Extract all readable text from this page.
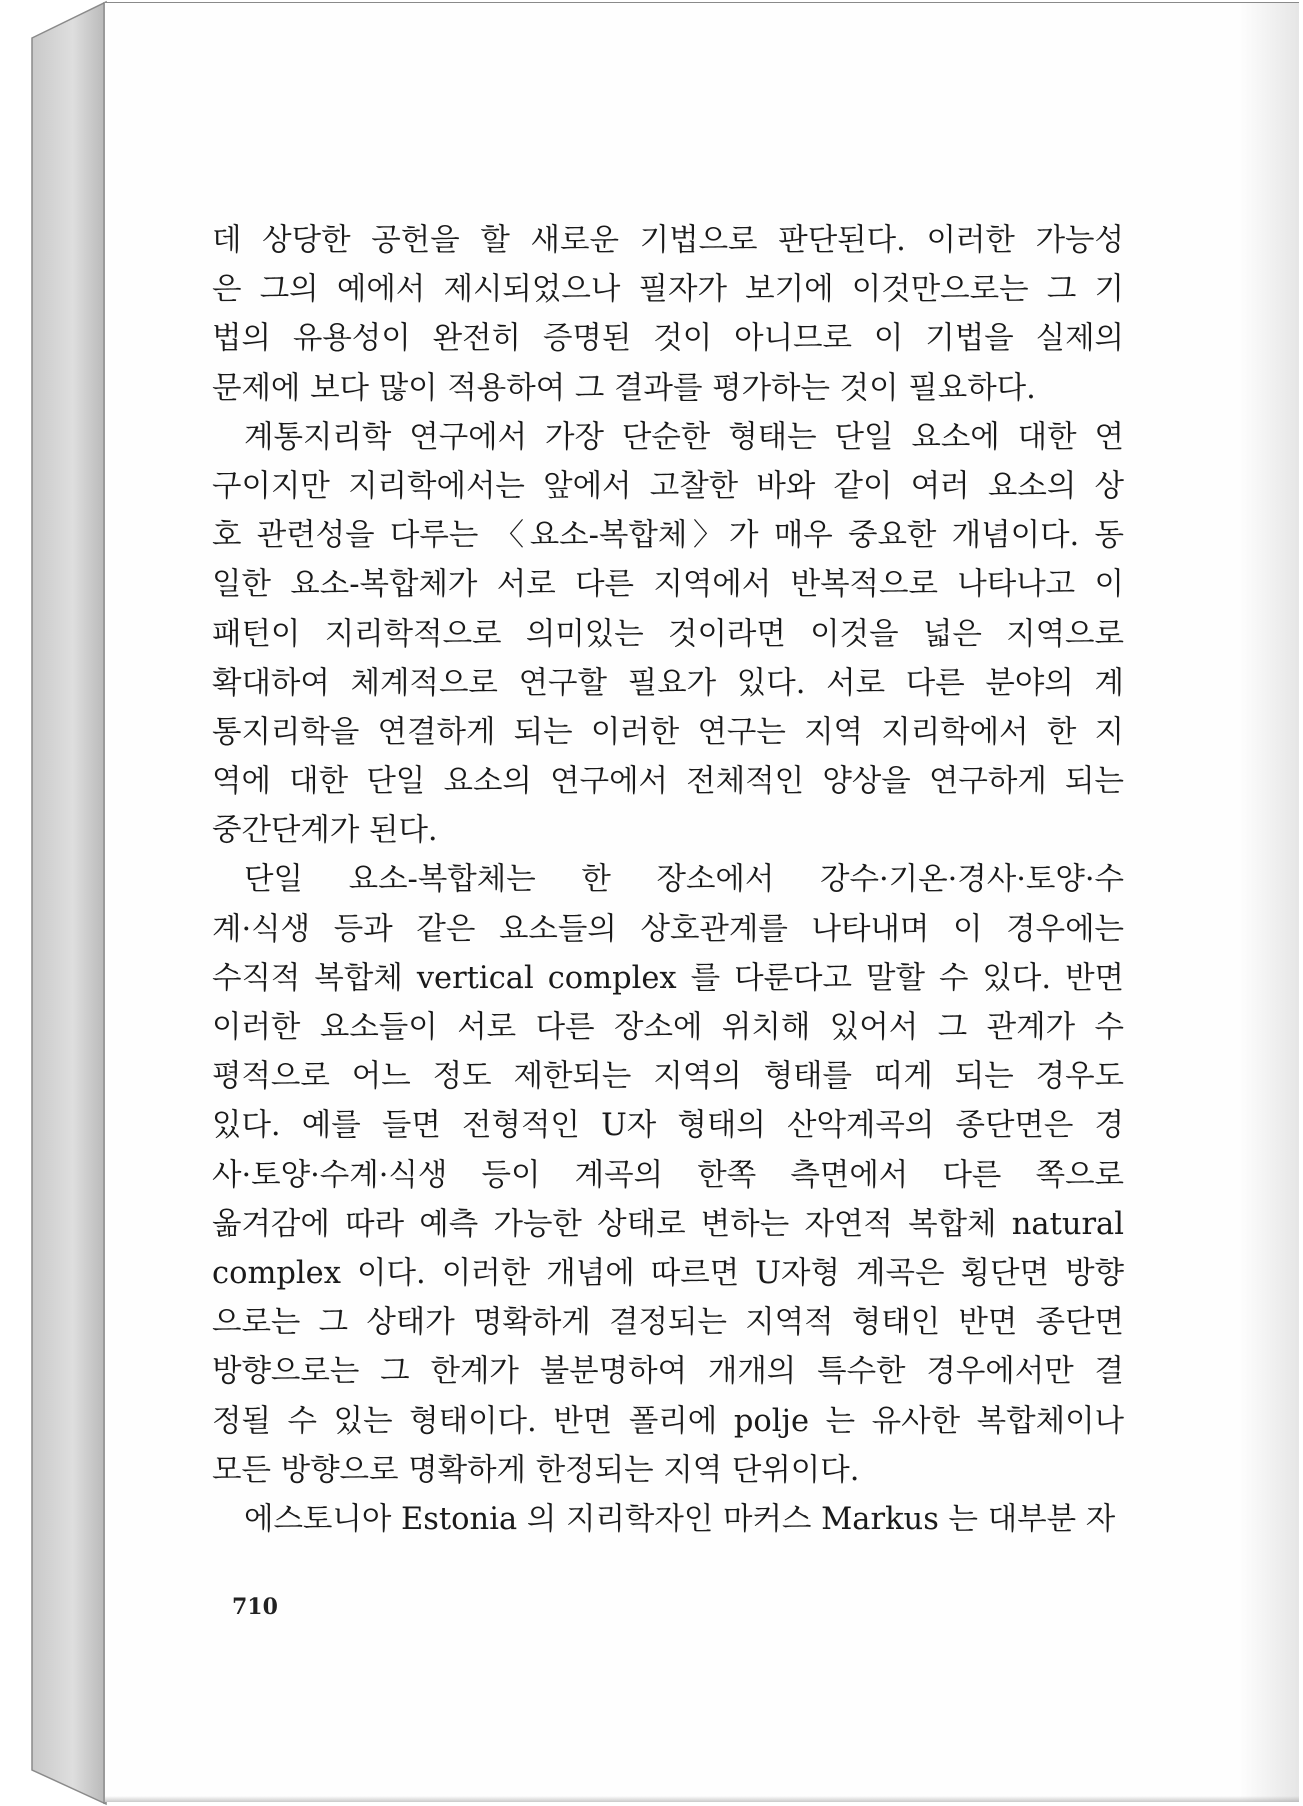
데 상당한 공헌을 할 새로운 기법으로 판단된다. 이러한 가능성
은 그의 예에서 제시되었으나 필자가 보기에 이것만으로는 그 기
법의 유용성이 완전히 증명된 것이 아니므로 이 기법을 실제의
문제에 보다 많이 적용하여 그 결과를 평가하는 것이 필요하다.
계통지리학 연구에서 가장 단순한 형태는 단일 요소에 대한 연
구이지만 지리학에서는 앞에서 고찰한 바와 같이 여러 요소의 상
호 관련성을 다루는 〈요소-복합체〉가 매우 중요한 개념이다. 동
일한 요소-복합체가 서로 다른 지역에서 반복적으로 나타나고 이
패턴이 지리학적으로 의미있는 것이라면 이것을 넓은 지역으로
확대하여 체계적으로 연구할 필요가 있다. 서로 다른 분야의 계
통지리학을 연결하게 되는 이러한 연구는 지역 지리학에서 한 지
역에 대한 단일 요소의 연구에서 전체적인 양상을 연구하게 되는
중간단계가 된다.
단일 요소-복합체는 한 장소에서 강수·기온·경사·토양·수
계·식생 등과 같은 요소들의 상호관계를 나타내며 이 경우에는
수직적 복합체 vertical complex 를 다룬다고 말할 수 있다. 반면
이러한 요소들이 서로 다른 장소에 위치해 있어서 그 관계가 수
평적으로 어느 정도 제한되는 지역의 형태를 띠게 되는 경우도
있다. 예를 들면 전형적인 U자 형태의 산악계곡의 종단면은 경
사·토양·수계·식생 등이 계곡의 한쪽 측면에서 다른 쪽으로
옮겨감에 따라 예측 가능한 상태로 변하는 자연적 복합체 natural
complex 이다. 이러한 개념에 따르면 U자형 계곡은 횡단면 방향
으로는 그 상태가 명확하게 결정되는 지역적 형태인 반면 종단면
방향으로는 그 한계가 불분명하여 개개의 특수한 경우에서만 결
정될 수 있는 형태이다. 반면 폴리에 polje 는 유사한 복합체이나
모든 방향으로 명확하게 한정되는 지역 단위이다.
에스토니아 Estonia 의 지리학자인 마커스 Markus 는 대부분 자
710
